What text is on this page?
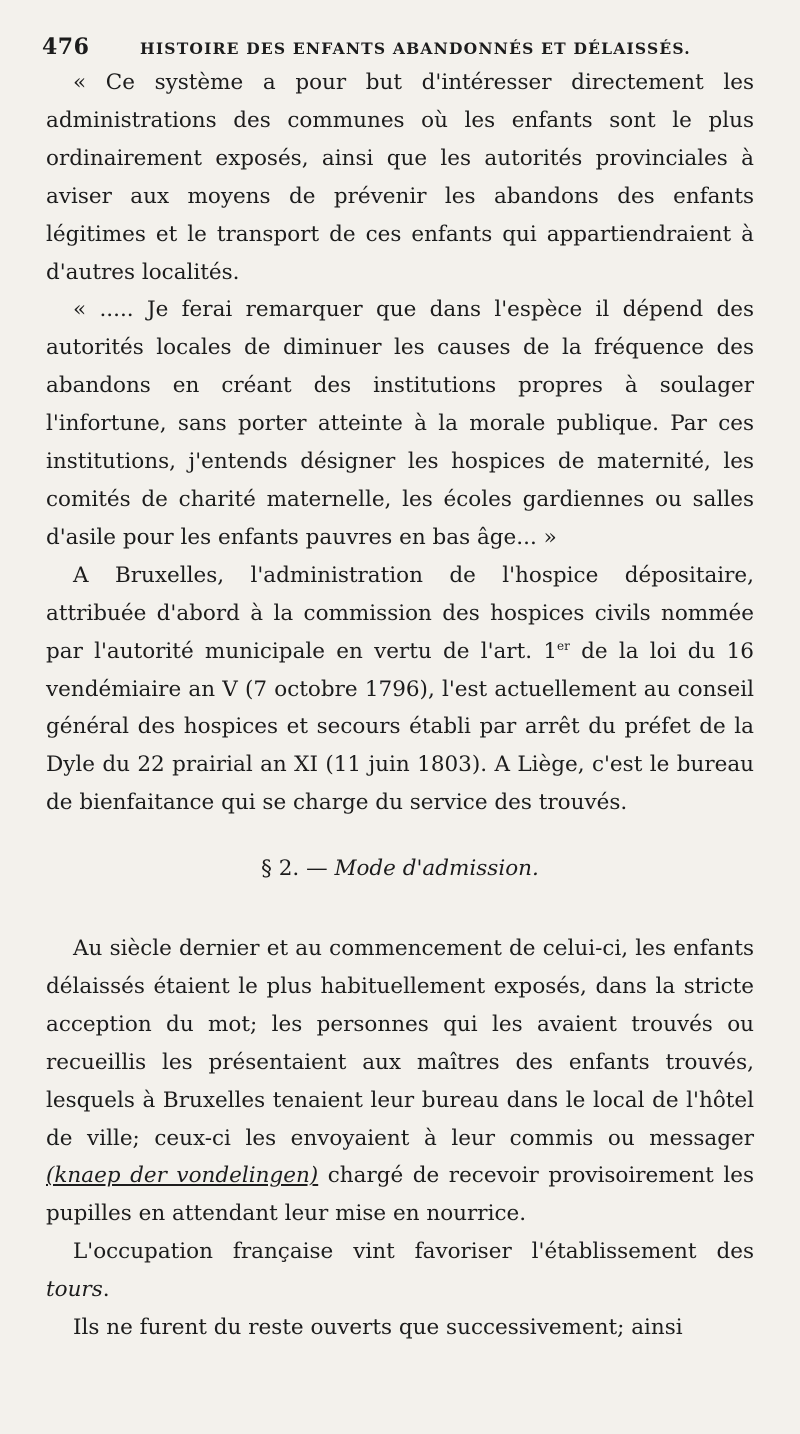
476	HISTOIRE DES ENFANTS ABANDONNÉS ET DÉLAISSÉS.

« Ce système a pour but d'intéresser directement les administrations des communes où les enfants sont le plus ordinairement exposés, ainsi que les autorités provinciales à aviser aux moyens de prévenir les abandons des enfants légitimes et le transport de ces enfants qui appartiendraient à d'autres localités.

« ..... Je ferai remarquer que dans l'espèce il dépend des autorités locales de diminuer les causes de la fréquence des abandons en créant des institutions propres à soulager l'infortune, sans porter atteinte à la morale publique. Par ces institutions, j'entends désigner les hospices de maternité, les comités de charité maternelle, les écoles gardiennes ou salles d'asile pour les enfants pauvres en bas âge... »

A Bruxelles, l'administration de l'hospice dépositaire, attribuée d'abord à la commission des hospices civils nommée par l'autorité municipale en vertu de l'art. 1er de la loi du 16 vendémiaire an V (7 octobre 1796), l'est actuellement au conseil général des hospices et secours établi par arrêt du préfet de la Dyle du 22 prairial an XI (11 juin 1803). A Liège, c'est le bureau de bienfaitance qui se charge du service des trouvés.

§ 2. — Mode d'admission.

Au siècle dernier et au commencement de celui-ci, les enfants délaissés étaient le plus habituellement exposés, dans la stricte acception du mot; les personnes qui les avaient trouvés ou recueillis les présentaient aux maîtres des enfants trouvés, lesquels à Bruxelles tenaient leur bureau dans le local de l'hôtel de ville; ceux-ci les envoyaient à leur commis ou messager (knaep der vondelingen) chargé de recevoir provisoirement les pupilles en attendant leur mise en nourrice.

L'occupation française vint favoriser l'établissement des tours.

Ils ne furent du reste ouverts que successivement; ainsi
